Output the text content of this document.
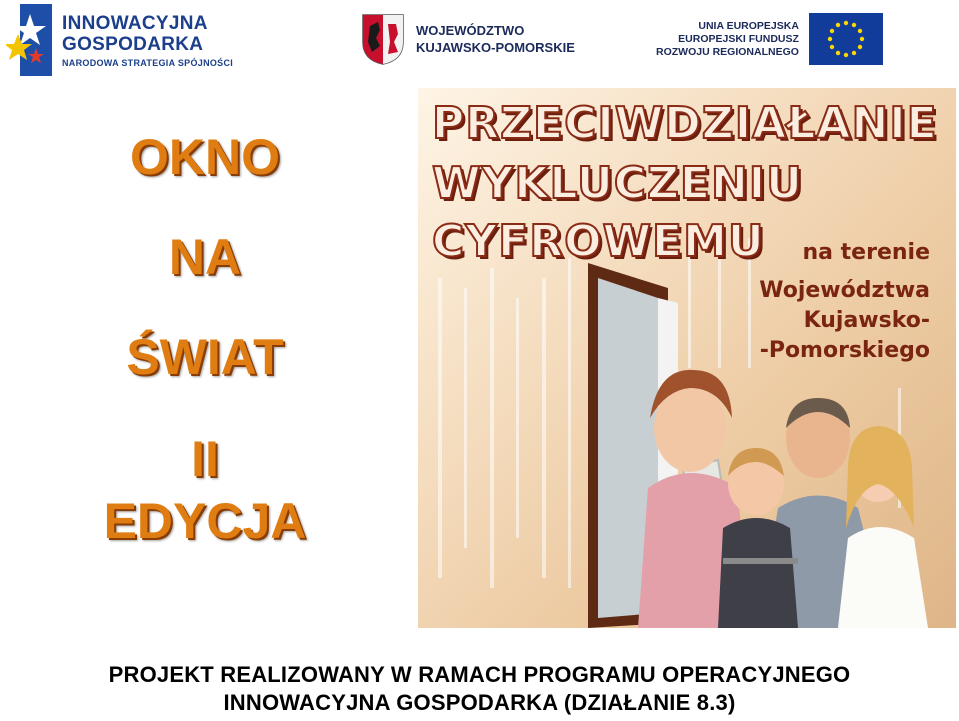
INNOWACYJNA
GOSPODARKA
NARODOWA STRATEGIA SPÓJNOŚCI
WOJEWÓDZTWO
KUJAWSKO-POMORSKIE
UNIA EUROPEJSKA
EUROPEJSKI FUNDUSZ
ROZWOJU REGIONALNEGO
OKNO
NA
ŚWIAT
II
EDYCJA
PRZECIWDZIAŁANIE
WYKLUCZENIU
CYFROWEMU na terenie
Województwa
Kujawsko-
-Pomorskiego
PROJEKT REALIZOWANY W RAMACH PROGRAMU OPERACYJNEGO
INNOWACYJNA GOSPODARKA (DZIAŁANIE 8.3)
